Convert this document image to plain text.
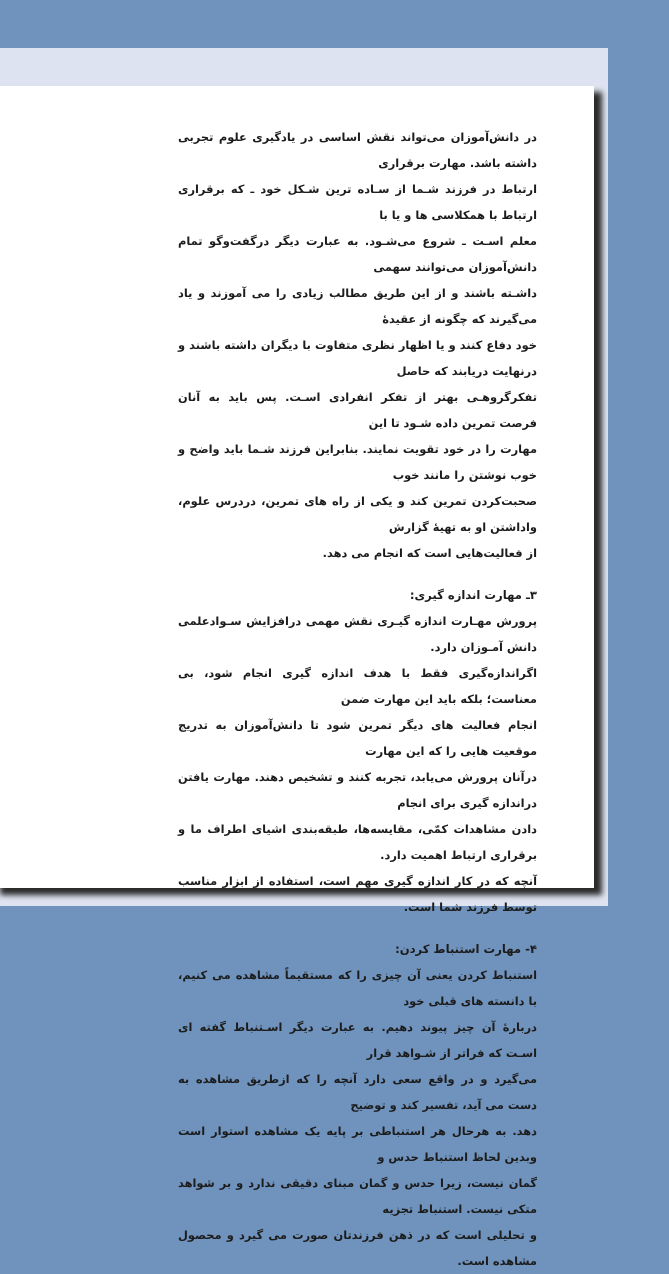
در دانش‌آموزان می‌تواند نقش اساسی در یادگیری علوم تجربی داشته باشد. مهارت برقراری
ارتباط در فرزند شـما از سـاده ترین شـکل خود ـ که برقراری ارتباط با همکلاسی ها و یا با
معلم اسـت ـ شروع می‌شـود. به عبارت دیگر درگفت‌وگو تمام دانش‌آموزان می‌توانند سهمی
داشـته باشند و از این طریق مطالب زیادی را می آموزند و یاد می‌گیرند که چگونه از عقیدهٔ
خود دفاع کنند و یا اظهار نظری متفاوت با دیگران داشته باشند و درنهایت دریابند که حاصل
تفکرگروهـی بهتر از تفکر انفرادی اسـت. پس باید به آنان فرصت تمرین داده شـود تا این
مهارت را در خود تقویت نمایند. بنابراین فرزند شـما باید واضح و خوب نوشتن را مانند خوب
صحبت‌کردن تمرین کند و یکی از راه های تمرین، دردرس علوم، واداشتن او به تهیهٔ گزارش
از فعالیت‌هایی است که انجام می دهد.

۳ـ مهارت اندازه گیری:

پرورش مهـارت اندازه گیـری نقش مهمی درافزایش سـوادعلمی دانش آمـوزان دارد.
اگراندازه‌گیری فقط با هدف اندازه گیری انجام شود، بی معناست؛ بلکه باید این مهارت ضمن
انجام فعالیت های دیگر تمرین شود تا دانش‌آموزان به تدریج موقعیت هایی را که این مهارت
درآنان پرورش می‌یابد، تجربه کنند و تشخیص دهند. مهارت یافتن دراندازه گیری برای انجام
دادن مشاهدات کمّی، مقایسه‌ها، طبقه‌بندی اشیای اطراف ما و برقراری ارتباط اهمیت دارد.
آنچه که در کار اندازه گیری مهم است، استفاده از ابزار مناسب توسط فرزند شما است.

۴- مهارت استنباط کردن:

استنباط کردن یعنی آن چیزی را که مستقیماً مشاهده می کنیم، با دانسته های قبلی خود
دربارهٔ آن چیز پیوند دهیم. به عبارت دیگر اسـتنباط گفته ای اسـت که فراتر از شـواهد قرار
می‌گیرد و در واقع سعی دارد آنچه را که ازطریق مشاهده به دست می آید، تفسیر کند و توضیح
دهد. به هرحال هر استنباطی بر پایه یک مشاهده استوار است وبدین لحاظ استنباط حدس و
گمان نیست، زیرا حدس و گمان مبنای دقیقی ندارد و بر شواهد متکی نیست. استنباط تجزیه
و تحلیلی است که در ذهن فرزندتان صورت می گیرد و محصول مشاهده است.
